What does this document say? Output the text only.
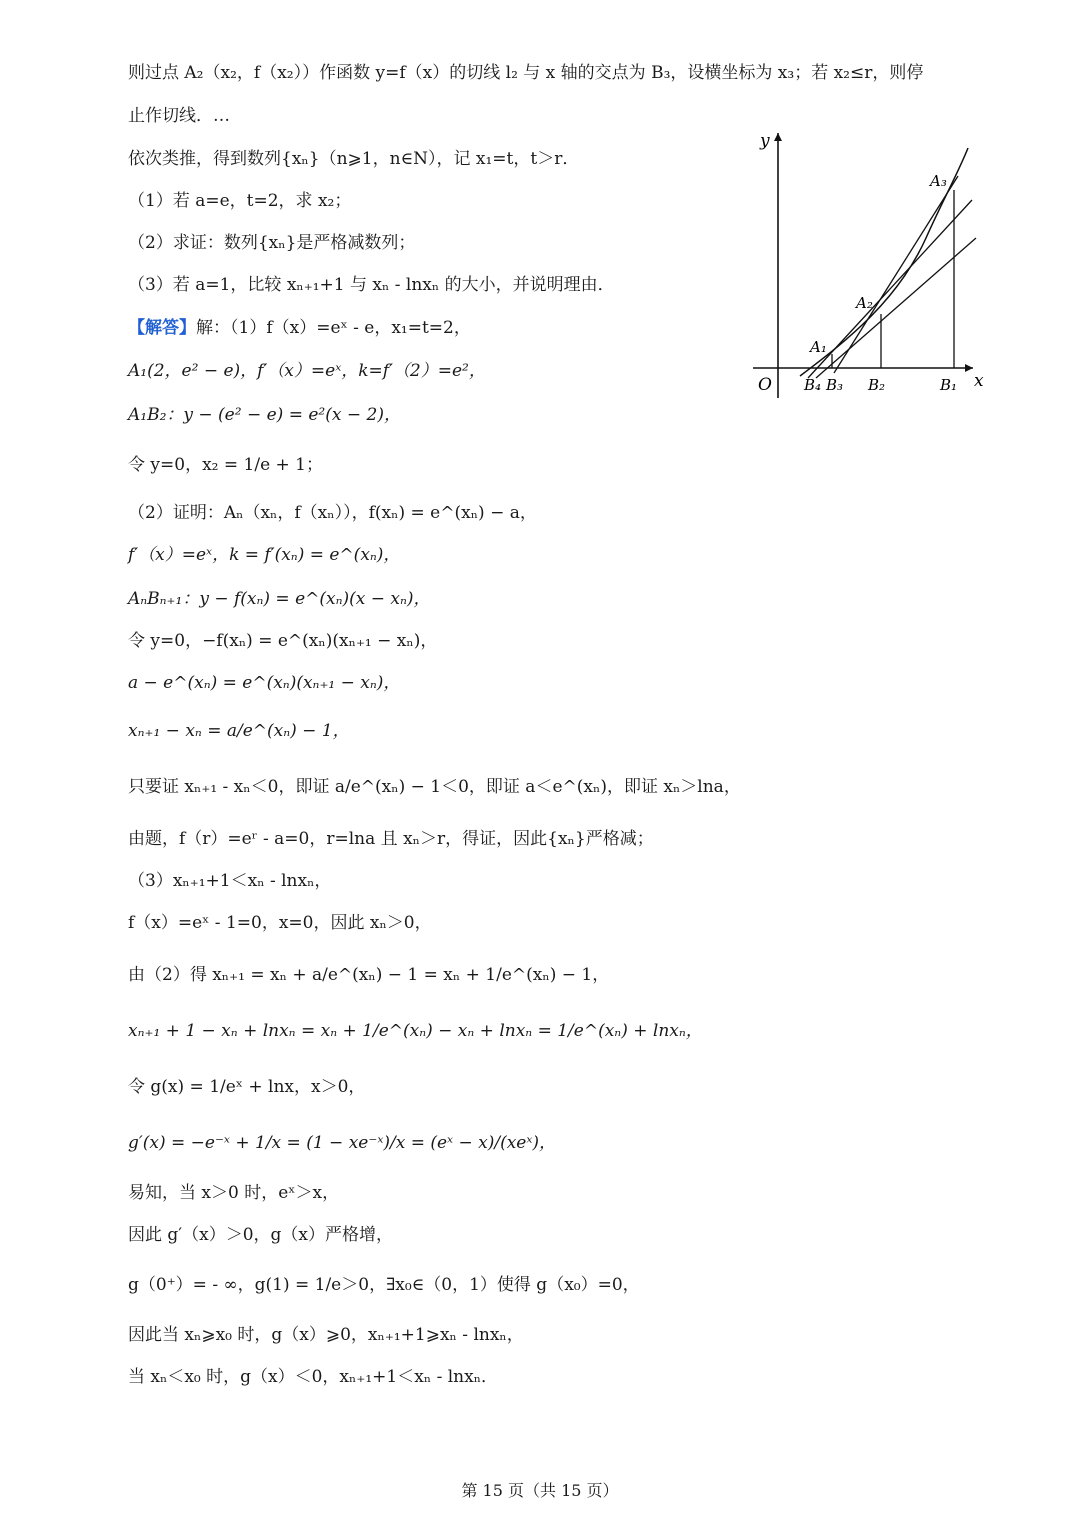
则过点 A₂（x₂，f（x₂））作函数 y=f（x）的切线 l₂ 与 x 轴的交点为 B₃，设横坐标为 x₃；若 x₂≤r，则停
止作切线．…
依次类推，得到数列{xₙ}（n⩾1，n∈N），记 x₁=t，t＞r．
（1）若 a=e，t=2，求 x₂；
（2）求证：数列{xₙ}是严格减数列；
（3）若 a=1，比较 xₙ₊₁+1 与 xₙ - lnxₙ 的大小，并说明理由．
【解答】解：（1）f（x）=eˣ - e，x₁=t=2，
A₁(2，e² − e)，f′（x）=eˣ，k=f′（2）=e²，
A₁B₂：y − (e² − e) = e²(x − 2)，
令 y=0，x₂ = 1/e + 1；
（2）证明：Aₙ（xₙ，f（xₙ）），f(xₙ) = e^(xₙ) − a，
f′（x）=eˣ，k = f′(xₙ) = e^(xₙ)，
AₙBₙ₊₁：y − f(xₙ) = e^(xₙ)(x − xₙ)，
令 y=0，−f(xₙ) = e^(xₙ)(xₙ₊₁ − xₙ)，
a − e^(xₙ) = e^(xₙ)(xₙ₊₁ − xₙ)，
xₙ₊₁ − xₙ = a/e^(xₙ) − 1，
只要证 xₙ₊₁ - xₙ＜0，即证 a/e^(xₙ) − 1＜0，即证 a＜e^(xₙ)，即证 xₙ＞lna，
由题，f（r）=eʳ - a=0，r=lna 且 xₙ＞r，得证，因此{xₙ}严格减；
（3）xₙ₊₁+1＜xₙ - lnxₙ，
f（x）=eˣ - 1=0，x=0，因此 xₙ＞0，
由（2）得 xₙ₊₁ = xₙ + a/e^(xₙ) − 1 = xₙ + 1/e^(xₙ) − 1，
xₙ₊₁ + 1 − xₙ + lnxₙ = xₙ + 1/e^(xₙ) − xₙ + lnxₙ = 1/e^(xₙ) + lnxₙ，
令 g(x) = 1/eˣ + lnx，x＞0，
g′(x) = −e⁻ˣ + 1/x = (1 − xe⁻ˣ)/x = (eˣ − x)/(xeˣ)，
易知，当 x＞0 时，eˣ＞x，
因此 g′（x）＞0，g（x）严格增，
g（0⁺）= - ∞，g(1) = 1/e＞0，∃x₀∈（0，1）使得 g（x₀）=0，
因此当 xₙ⩾x₀ 时，g（x）⩾0，xₙ₊₁+1⩾xₙ - lnxₙ，
当 xₙ＜x₀ 时，g（x）＜0，xₙ₊₁+1＜xₙ - lnxₙ．
y
x
O
A₁
A₂
A₃
B₄ B₃ B₂	B₁
第 15 页（共 15 页）
